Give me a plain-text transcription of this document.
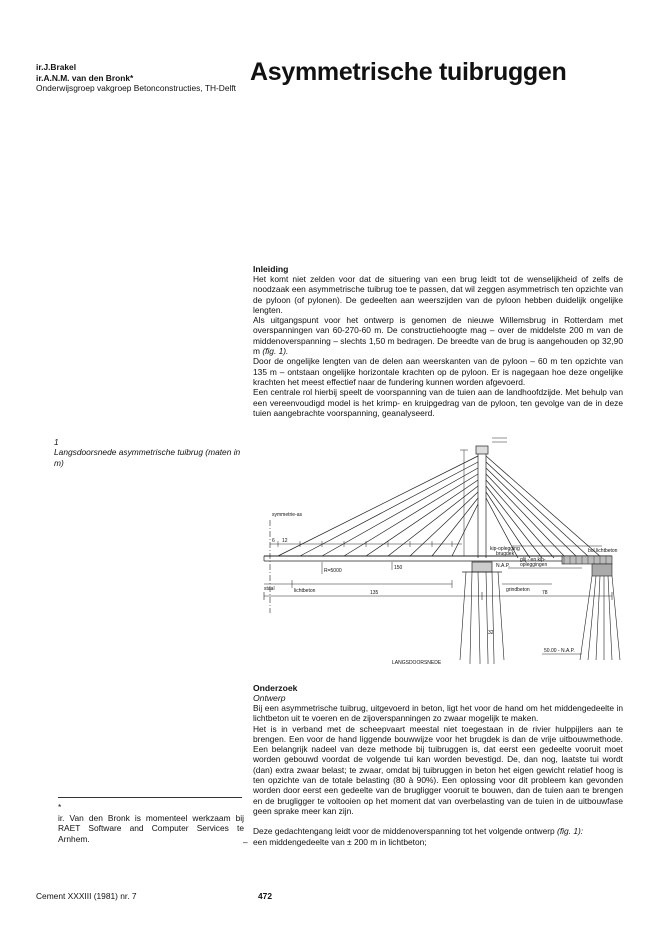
ir.J.Brakel
ir.A.N.M. van den Bronk*
Onderwijsgroep vakgroep Betonconstructies, TH-Delft
Asymmetrische tuibruggen
Inleiding

Het komt niet zelden voor dat de situering van een brug leidt tot de wenselijkheid of zelfs de noodzaak een asymmetrische tuibrug toe te passen, dat wil zeggen asymmetrisch ten opzichte van de pyloon (of pylonen). De gedeelten aan weerszijden van de pyloon hebben duidelijk ongelijke lengten.

Als uitgangspunt voor het ontwerp is genomen de nieuwe Willemsbrug in Rotterdam met overspanningen van 60-270-60 m. De constructiehoogte mag – over de middelste 200 m van de middenoverspanning – slechts 1,50 m bedragen. De breedte van de brug is aangehouden op 32,90 m (fig. 1).

Door de ongelijke lengten van de delen aan weerskanten van de pyloon – 60 m ten opzichte van 135 m – ontstaan ongelijke horizontale krachten op de pyloon. Er is nagegaan hoe deze ongelijke krachten het meest effectief naar de fundering kunnen worden afgevoerd.

Een centrale rol hierbij speelt de voorspanning van de tuien aan de landhoofdzijde. Met behulp van een vereenvoudigd model is het krimp- en kruipgedrag van de pyloon, ten gevolge van de in deze tuien aangebrachte voorspanning, geanalyseerd.

1
Langsdoorsnede asymmetrische tuibrug (maten in m)
symmetrie-as
lichtbeton
staal	grindbeton
bol.lichtbeton
LANGSDOORSNEDE
50.00 - N.A.P.
N.A.P.
kip-oplegging
brugdek
glij - en kip-
opleggingen
R=5000
135	78
150
32
12
6
Onderzoek
Ontwerp

Bij een asymmetrische tuibrug, uitgevoerd in beton, ligt het voor de hand om het middengedeelte in lichtbeton uit te voeren en de zijoverspanningen zo zwaar mogelijk te maken.

Het is in verband met de scheepvaart meestal niet toegestaan in de rivier hulppijlers aan te brengen. Een voor de hand liggende bouwwijze voor het brugdek is dan de vrije uitbouwmethode. Een belangrijk nadeel van deze methode bij tuibruggen is, dat eerst een gedeelte vooruit moet worden gebouwd voordat de volgende tui kan worden bevestigd. De, dan nog, laatste tui wordt (dan) extra zwaar belast; te zwaar, omdat bij tuibruggen in beton het eigen gewicht relatief hoog is ten opzichte van de totale belasting (80 à 90%). Een oplossing voor dit probleem kan gevonden worden door eerst een gedeelte van de brugligger vooruit te bouwen, dan de tuien aan te brengen en de brugligger te voltooien op het moment dat van overbelasting van de tuien in de uitbouwfase geen sprake meer kan zijn.

Deze gedachtengang leidt voor de middenoverspanning tot het volgende ontwerp (fig. 1):

– een middengedeelte van ± 200 m in lichtbeton;

*
ir. Van den Bronk is momenteel werkzaam bij RAET Software and Computer Services te Arnhem.
Cement XXXIII (1981) nr. 7	472
